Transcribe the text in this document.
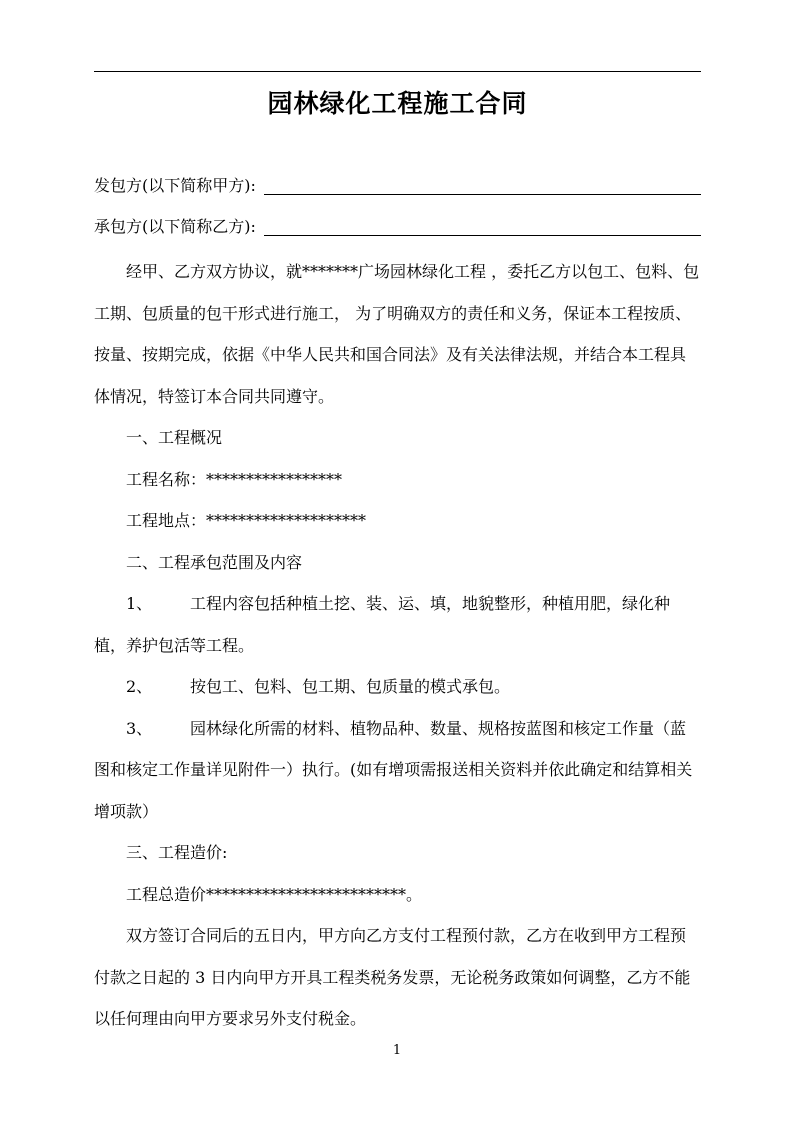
园林绿化工程施工合同
发包方(以下简称甲方):
承包方(以下简称乙方):

经甲、乙方双方协议，就*******广场园林绿化工程 ，委托乙方以包工、包料、包工期、包质量的包干形式进行施工， 为了明确双方的责任和义务，保证本工程按质、按量、按期完成，依据《中华人民共和国合同法》及有关法律法规，并结合本工程具体情况，特签订本合同共同遵守。

一、工程概况

工程名称：*****************

工程地点：********************

二、工程承包范围及内容

1、 工程内容包括种植土挖、装、运、填，地貌整形，种植用肥，绿化种植，养护包活等工程。

2、 按包工、包料、包工期、包质量的模式承包。

3、 园林绿化所需的材料、植物品种、数量、规格按蓝图和核定工作量（蓝图和核定工作量详见附件一）执行。(如有增项需报送相关资料并依此确定和结算相关增项款）

三、工程造价:

工程总造价*************************。

双方签订合同后的五日内，甲方向乙方支付工程预付款，乙方在收到甲方工程预付款之日起的 3 日内向甲方开具工程类税务发票，无论税务政策如何调整，乙方不能以任何理由向甲方要求另外支付税金。

1
